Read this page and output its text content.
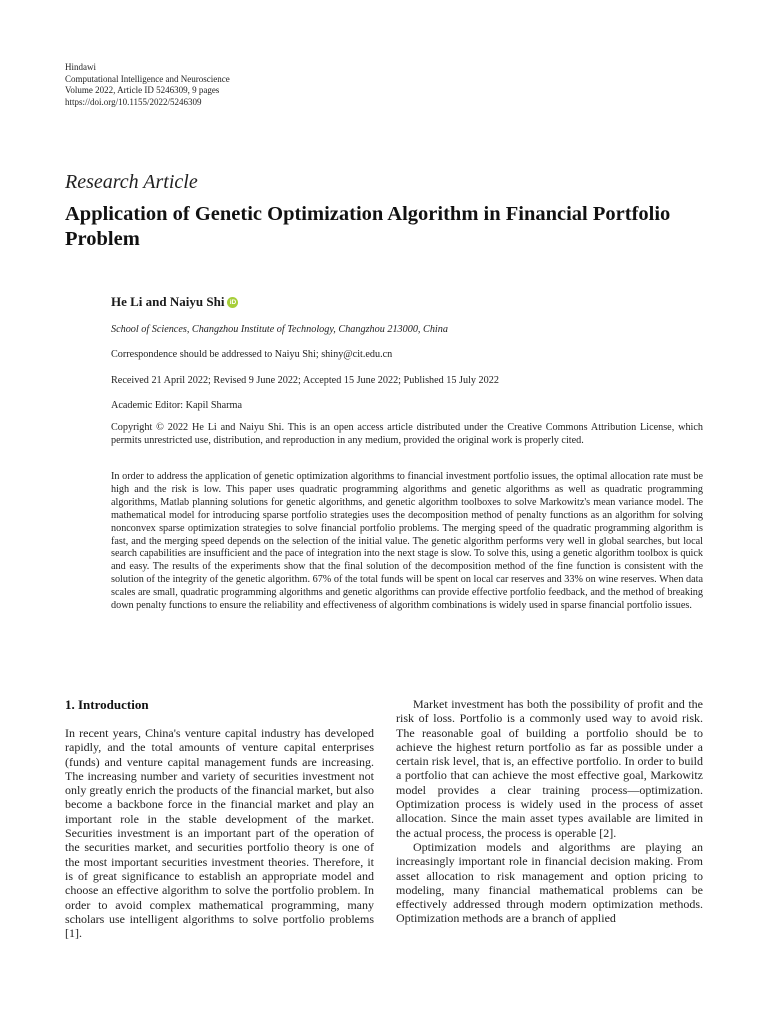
Hindawi
Computational Intelligence and Neuroscience
Volume 2022, Article ID 5246309, 9 pages
https://doi.org/10.1155/2022/5246309
Research Article
Application of Genetic Optimization Algorithm in Financial Portfolio Problem
He Li and Naiyu Shi iD
School of Sciences, Changzhou Institute of Technology, Changzhou 213000, China
Correspondence should be addressed to Naiyu Shi; shiny@cit.edu.cn
Received 21 April 2022; Revised 9 June 2022; Accepted 15 June 2022; Published 15 July 2022
Academic Editor: Kapil Sharma
Copyright © 2022 He Li and Naiyu Shi. This is an open access article distributed under the Creative Commons Attribution License, which permits unrestricted use, distribution, and reproduction in any medium, provided the original work is properly cited.
In order to address the application of genetic optimization algorithms to financial investment portfolio issues, the optimal allocation rate must be high and the risk is low. This paper uses quadratic programming algorithms and genetic algorithms as well as quadratic programming algorithms, Matlab planning solutions for genetic algorithms, and genetic algorithm toolboxes to solve Markowitz's mean variance model. The mathematical model for introducing sparse portfolio strategies uses the decomposition method of penalty functions as an algorithm for solving nonconvex sparse optimization strategies to solve financial portfolio problems. The merging speed of the quadratic programming algorithm is fast, and the merging speed depends on the selection of the initial value. The genetic algorithm performs very well in global searches, but local search capabilities are insufficient and the pace of integration into the next stage is slow. To solve this, using a genetic algorithm toolbox is quick and easy. The results of the experiments show that the final solution of the decomposition method of the fine function is consistent with the solution of the integrity of the genetic algorithm. 67% of the total funds will be spent on local car reserves and 33% on wine reserves. When data scales are small, quadratic programming algorithms and genetic algorithms can provide effective portfolio feedback, and the method of breaking down penalty functions to ensure the reliability and effectiveness of algorithm combinations is widely used in sparse financial portfolio issues.
1. Introduction

In recent years, China's venture capital industry has developed rapidly, and the total amounts of venture capital enterprises (funds) and venture capital management funds are increasing. The increasing number and variety of securities investment not only greatly enrich the products of the financial market, but also become a backbone force in the financial market and play an important role in the stable development of the market. Securities investment is an important part of the operation of the securities market, and securities portfolio theory is one of the most important securities investment theories. Therefore, it is of great significance to establish an appropriate model and choose an effective algorithm to solve the portfolio problem. In order to avoid complex mathematical programming, many scholars use intelligent algorithms to solve portfolio problems [1].

Market investment has both the possibility of profit and the risk of loss. Portfolio is a commonly used way to avoid risk. The reasonable goal of building a portfolio should be to achieve the highest return portfolio as far as possible under a certain risk level, that is, an effective portfolio. In order to build a portfolio that can achieve the most effective goal, Markowitz model provides a clear training process—optimization. Optimization process is widely used in the process of asset allocation. Since the main asset types available are limited in the actual process, the process is operable [2].

Optimization models and algorithms are playing an increasingly important role in financial decision making. From asset allocation to risk management and option pricing to modeling, many financial mathematical problems can be effectively addressed through modern optimization methods. Optimization methods are a branch of applied
